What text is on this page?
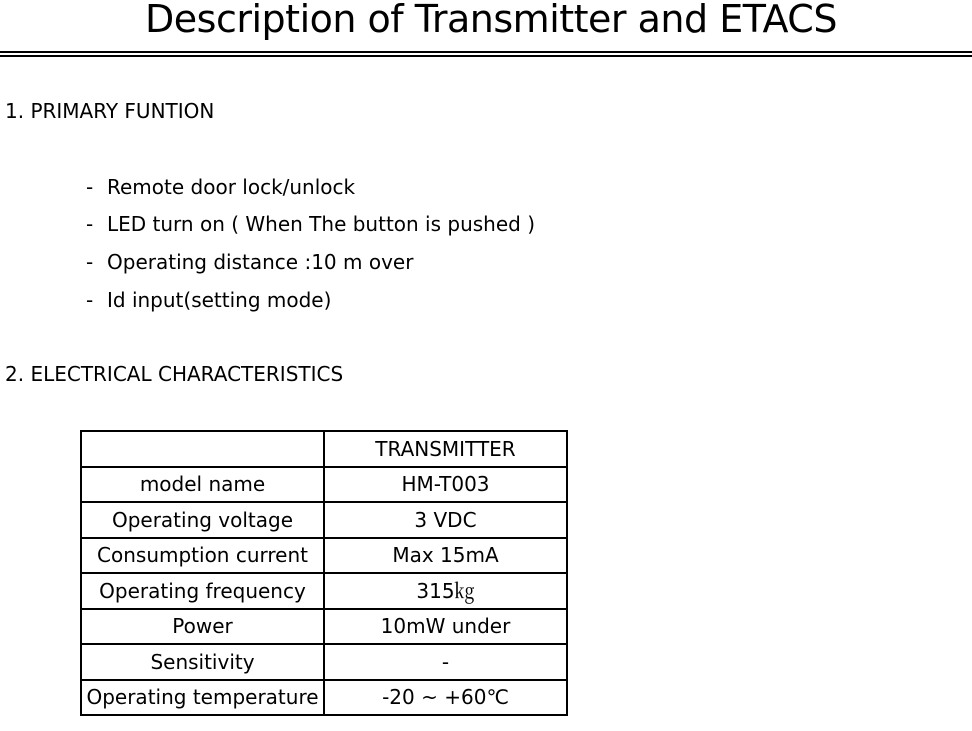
Description of Transmitter and ETACS
1. PRIMARY FUNTION
- Remote door lock/unlock
- LED turn on ( When The button is pushed )
- Operating distance :10 m over
- Id input(setting mode)
2. ELECTRICAL CHARACTERISTICS
	TRANSMITTER
model name	HM-T003
Operating voltage	3 VDC
Consumption current	Max 15mA
Operating frequency	315㎏
Power	10mW under
Sensitivity	-
Operating temperature	-20 ~ +60℃
